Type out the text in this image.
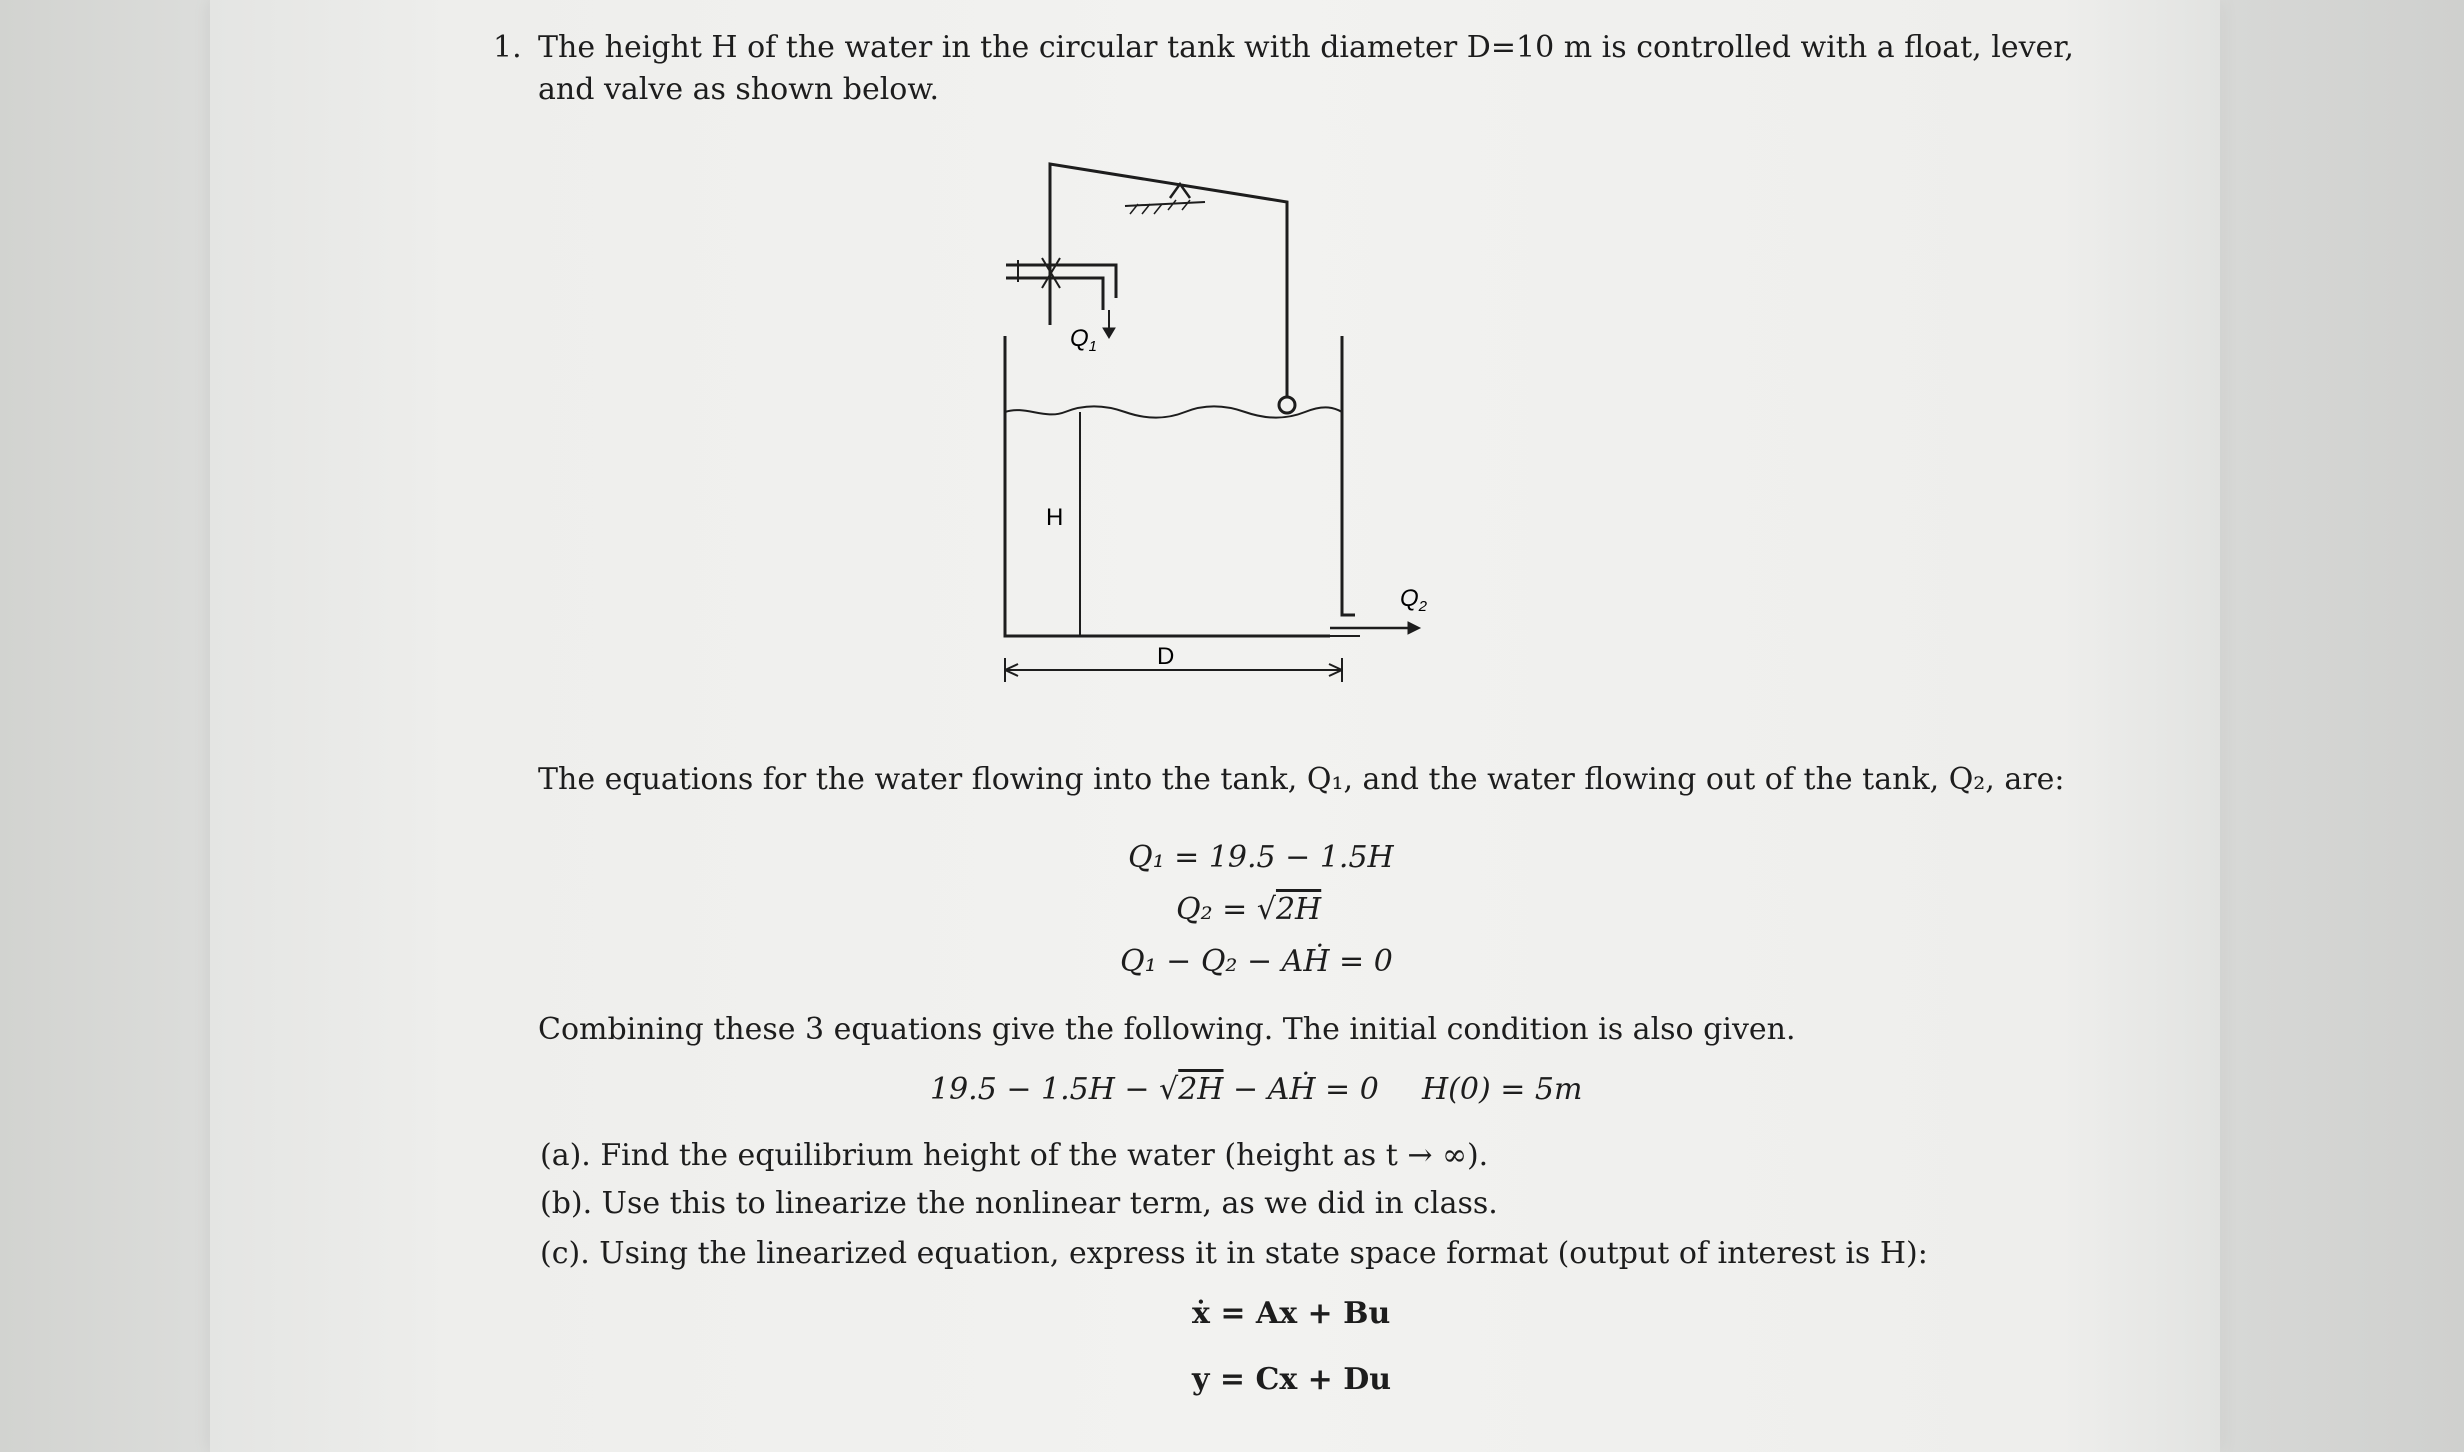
1. The height H of the water in the circular tank with diameter D=10 m is controlled with a float, lever,
and valve as shown below.
$Q_1$
H
$Q_2$
D
The equations for the water flowing into the tank, Q₁, and the water flowing out of the tank, Q₂, are:
Q₁ = 19.5 − 1.5H
Q₂ = √2H
Q₁ − Q₂ − AḢ = 0
Combining these 3 equations give the following. The initial condition is also given.
19.5 − 1.5H − √2H − AḢ = 0 H(0) = 5m
(a). Find the equilibrium height of the water (height as t → ∞).
(b). Use this to linearize the nonlinear term, as we did in class.
(c). Using the linearized equation, express it in state space format (output of interest is H):
ẋ = Ax + Bu
y = Cx + Du
